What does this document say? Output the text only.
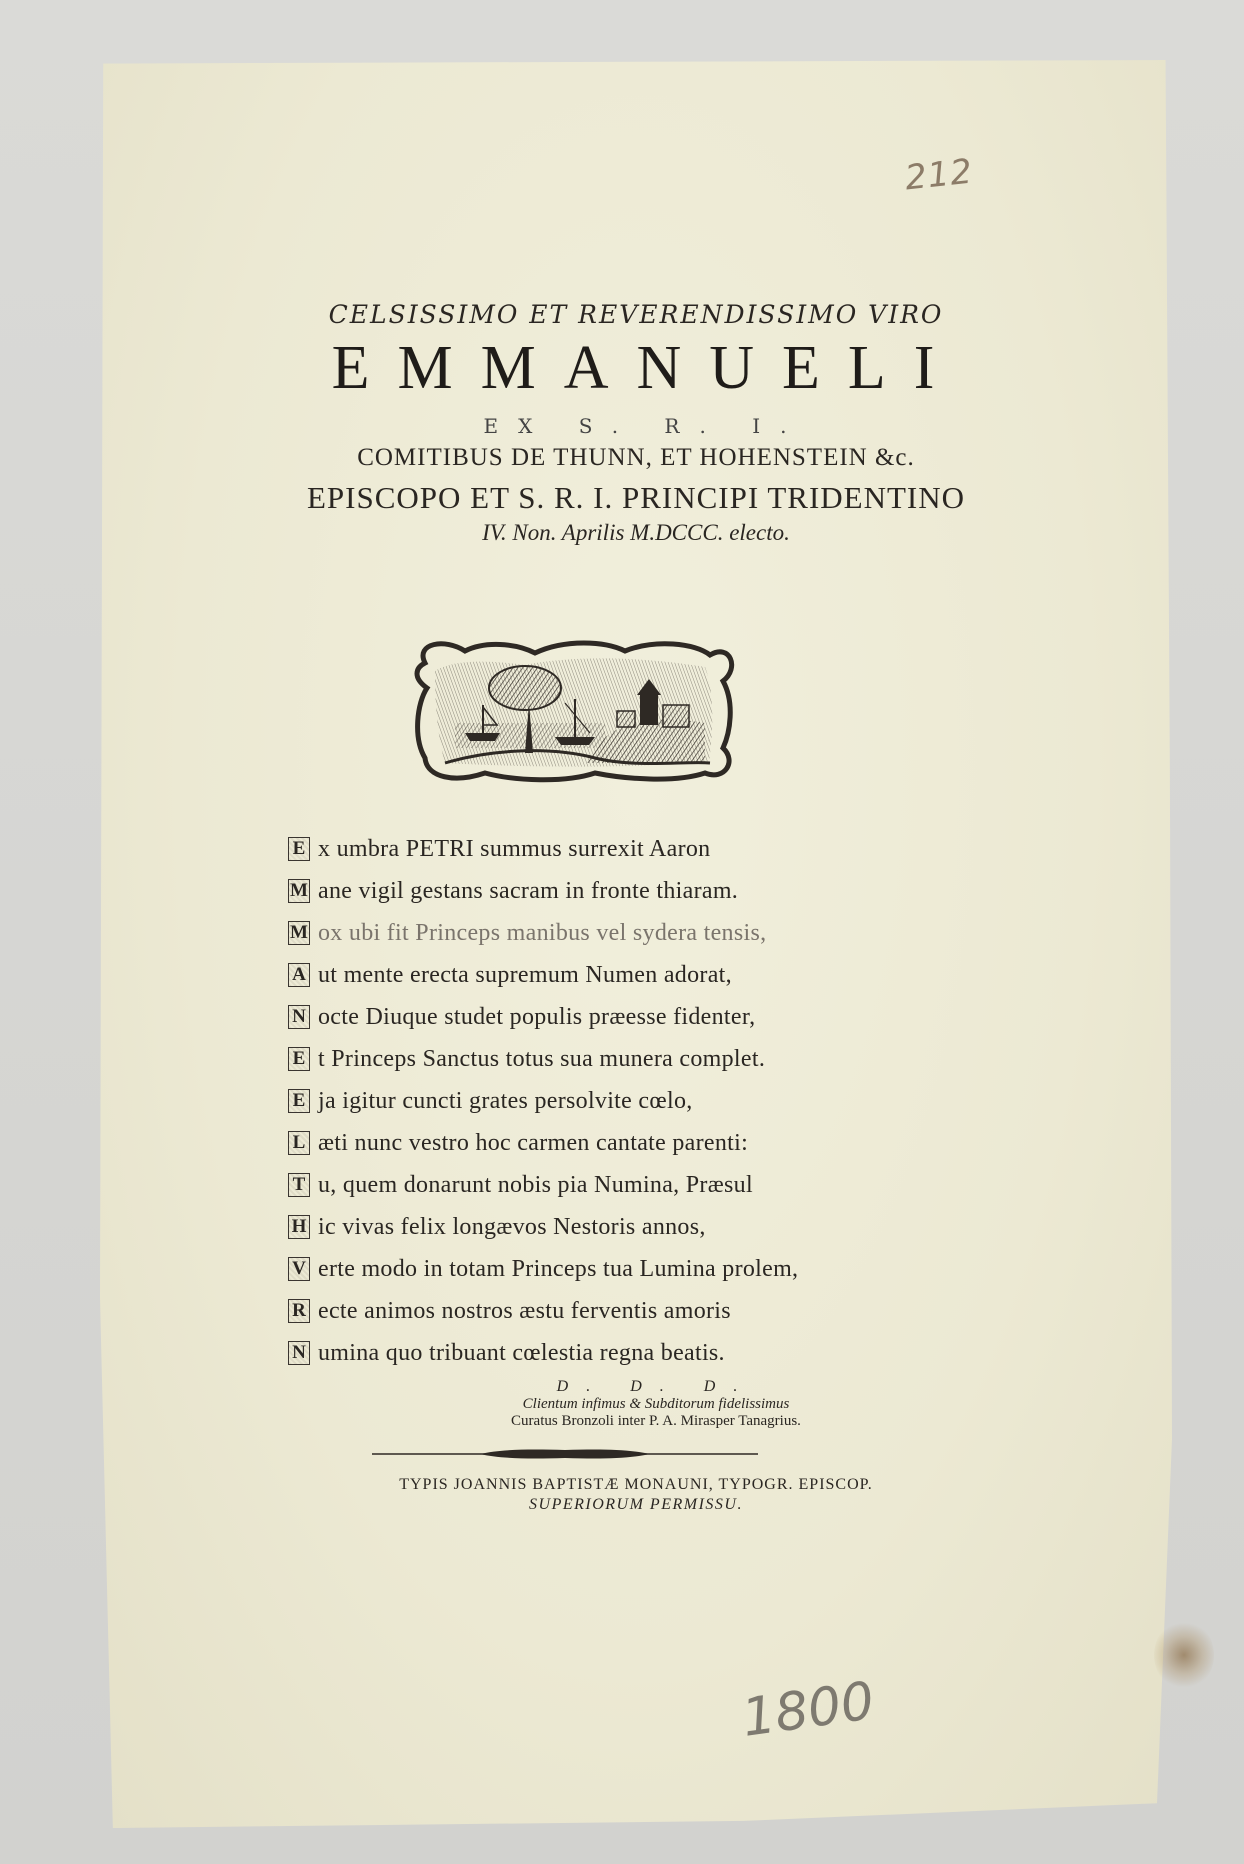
212
CELSISSIMO ET REVERENDISSIMO VIRO
EMMANUELI
EX S. R. I.
COMITIBUS DE THUNN, ET HOHENSTEIN &c.
EPISCOPO ET S. R. I. PRINCIPI TRIDENTINO
IV. Non. Aprilis M.DCCC. electo.
E x umbra PETRI summus surrexit Aaron
M ane vigil gestans sacram in fronte thiaram.
M ox ubi fit Princeps manibus vel sydera tensis,
A ut mente erecta supremum Numen adorat,
N octe Diuque studet populis præesse fidenter,
E t Princeps Sanctus totus sua munera complet.
E ja igitur cuncti grates persolvite cœlo,
L æti nunc vestro hoc carmen cantate parenti:
T u, quem donarunt nobis pia Numina, Præsul
H ic vivas felix longævos Nestoris annos,
V erte modo in totam Princeps tua Lumina prolem,
R ecte animos nostros æstu ferventis amoris
N umina quo tribuant cœlestia regna beatis.
D. D. D.
Clientum infimus & Subditorum fidelissimus
Curatus Bronzoli inter P. A. Mirasper Tanagrius.
TYPIS JOANNIS BAPTISTÆ MONAUNI, TYPOGR. EPISCOP.
SUPERIORUM PERMISSU.
1800
